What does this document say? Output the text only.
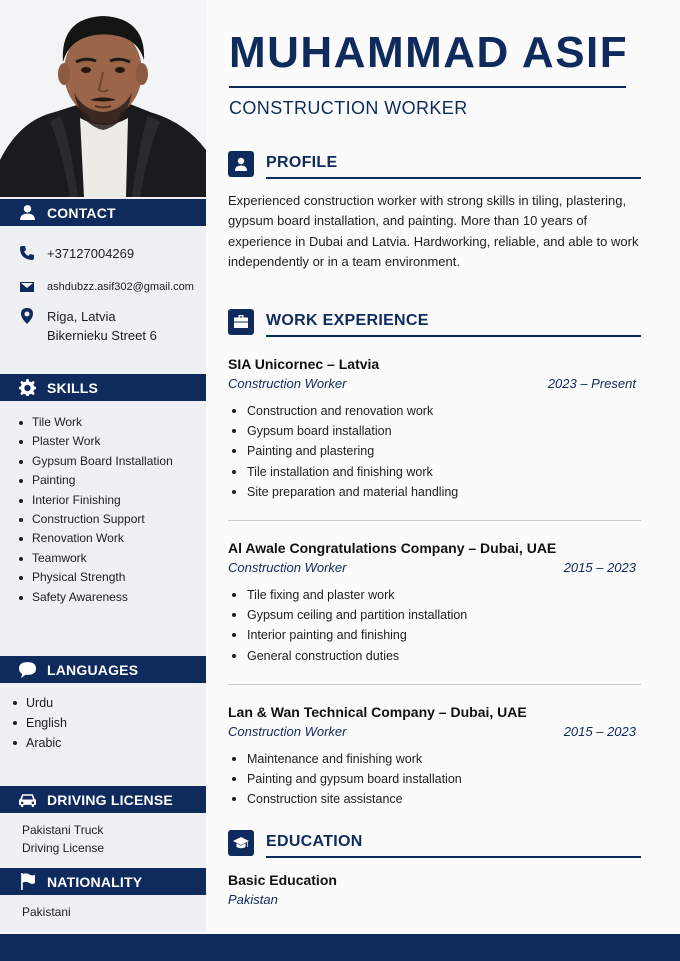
CONTACT
+37127004269
ashdubzz.asif302@gmail.com
Riga, Latvia
Bikernieku Street 6
SKILLS
Tile Work
Plaster Work
Gypsum Board Installation
Painting
Interior Finishing
Construction Support
Renovation Work
Teamwork
Physical Strength
Safety Awareness
LANGUAGES
Urdu
English
Arabic
DRIVING LICENSE
Pakistani Truck
Driving License
NATIONALITY
Pakistani
MUHAMMAD ASIF
CONSTRUCTION WORKER
PROFILE
Experienced construction worker with strong skills in tiling, plastering, gypsum board installation, and painting. More than 10 years of experience in Dubai and Latvia. Hardworking, reliable, and able to work independently or in a team environment.
WORK EXPERIENCE
SIA Unicornec – Latvia
Construction Worker	2023 – Present
Construction and renovation work
Gypsum board installation
Painting and plastering
Tile installation and finishing work
Site preparation and material handling
Al Awale Congratulations Company – Dubai, UAE
Construction Worker	2015 – 2023
Tile fixing and plaster work
Gypsum ceiling and partition installation
Interior painting and finishing
General construction duties
Lan & Wan Technical Company – Dubai, UAE
Construction Worker	2015 – 2023
Maintenance and finishing work
Painting and gypsum board installation
Construction site assistance
EDUCATION
Basic Education
Pakistan
